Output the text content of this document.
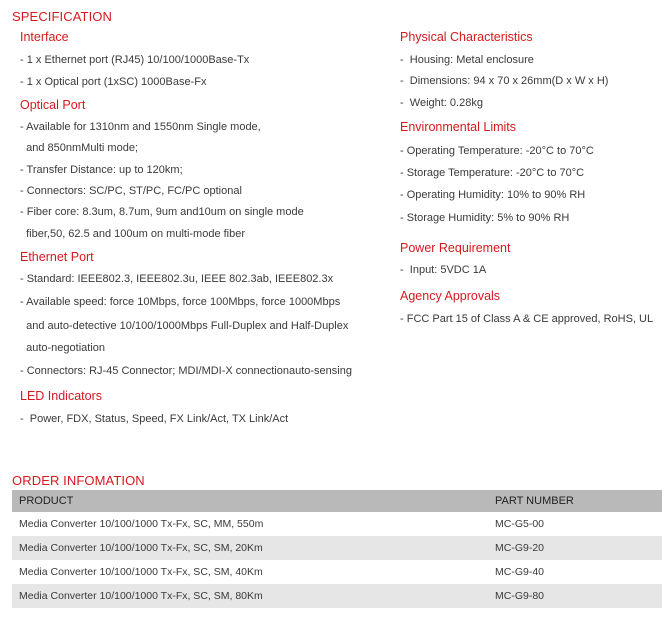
SPECIFICATION
Interface
- 1 x Ethernet port (RJ45) 10/100/1000Base-Tx
- 1 x Optical port (1xSC) 1000Base-Fx
Optical Port
- Available for 1310nm and 1550nm Single mode,
and 850nmMulti mode;
- Transfer Distance: up to 120km;
- Connectors: SC/PC, ST/PC, FC/PC optional
- Fiber core: 8.3um, 8.7um, 9um and10um on single mode
fiber,50, 62.5 and 100um on multi-mode fiber
Ethernet Port
- Standard: IEEE802.3, IEEE802.3u, IEEE 802.3ab, IEEE802.3x
- Available speed: force 10Mbps, force 100Mbps, force 1000Mbps
and auto-detective 10/100/1000Mbps Full-Duplex and Half-Duplex
auto-negotiation
- Connectors: RJ-45 Connector; MDI/MDI-X connectionauto-sensing
LED Indicators
-  Power, FDX, Status, Speed, FX Link/Act, TX Link/Act
Physical Characteristics
-  Housing: Metal enclosure
-  Dimensions: 94 x 70 x 26mm(D x W x H)
-  Weight: 0.28kg
Environmental Limits
- Operating Temperature: -20°C to 70°C
- Storage Temperature: -20°C to 70°C
- Operating Humidity: 10% to 90% RH
- Storage Humidity: 5% to 90% RH
Power Requirement
-  Input: 5VDC 1A
Agency Approvals
- FCC Part 15 of Class A & CE approved, RoHS, UL
ORDER INFOMATION
PRODUCT	PART NUMBER
Media Converter 10/100/1000 Tx-Fx, SC, MM, 550m	MC-G5-00
Media Converter 10/100/1000 Tx-Fx, SC, SM, 20Km	MC-G9-20
Media Converter 10/100/1000 Tx-Fx, SC, SM, 40Km	MC-G9-40
Media Converter 10/100/1000 Tx-Fx, SC, SM, 80Km	MC-G9-80
